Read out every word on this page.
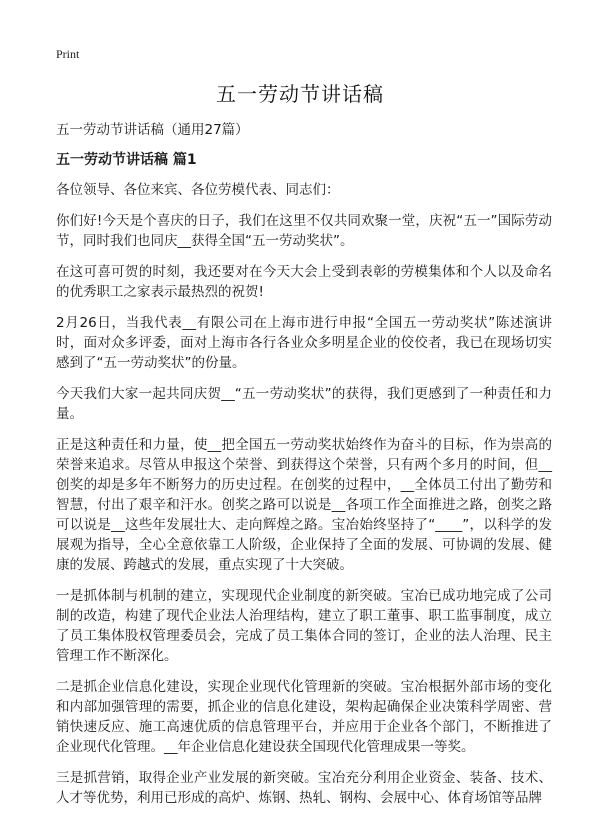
Print
五一劳动节讲话稿

五一劳动节讲话稿（通用27篇）

五一劳动节讲话稿 篇1

各位领导、各位来宾、各位劳模代表、同志们：

你们好!今天是个喜庆的日子，我们在这里不仅共同欢聚一堂，庆祝“五一”国际劳动节，同时我们也同庆__获得全国“五一劳动奖状”。

在这可喜可贺的时刻，我还要对在今天大会上受到表彰的劳模集体和个人以及命名的优秀职工之家表示最热烈的祝贺!

2月26日，当我代表__有限公司在上海市进行申报“全国五一劳动奖状”陈述演讲时，面对众多评委，面对上海市各行各业众多明星企业的佼佼者，我已在现场切实感到了“五一劳动奖状”的份量。

今天我们大家一起共同庆贺__“五一劳动奖状”的获得，我们更感到了一种责任和力量。

正是这种责任和力量，使__把全国五一劳动奖状始终作为奋斗的目标，作为崇高的荣誉来追求。尽管从申报这个荣誉、到获得这个荣誉，只有两个多月的时间，但__创奖的却是多年不断努力的历史过程。在创奖的过程中，__全体员工付出了勤劳和智慧，付出了艰辛和汗水。创奖之路可以说是__各项工作全面推进之路，创奖之路可以说是__这些年发展壮大、走向辉煌之路。宝冶始终坚持了“____”，以科学的发展观为指导，全心全意依靠工人阶级，企业保持了全面的发展、可协调的发展、健康的发展、跨越式的发展，重点实现了十大突破。

一是抓体制与机制的建立，实现现代企业制度的新突破。宝冶已成功地完成了公司制的改造，构建了现代企业法人治理结构，建立了职工董事、职工监事制度，成立了员工集体股权管理委员会，完成了员工集体合同的签订，企业的法人治理、民主管理工作不断深化。

二是抓企业信息化建设，实现企业现代化管理新的突破。宝冶根据外部市场的变化和内部加强管理的需要，抓企业的信息化建设，架构起确保企业决策科学周密、营销快速反应、施工高速优质的信息管理平台，并应用于企业各个部门，不断推进了企业现代化管理。__年企业信息化建设获全国现代化管理成果一等奖。

三是抓营销，取得企业产业发展的新突破。宝冶充分利用企业资金、装备、技术、人才等优势，利用已形成的高炉、炼钢、热轧、钢构、会展中心、体育场馆等品牌
